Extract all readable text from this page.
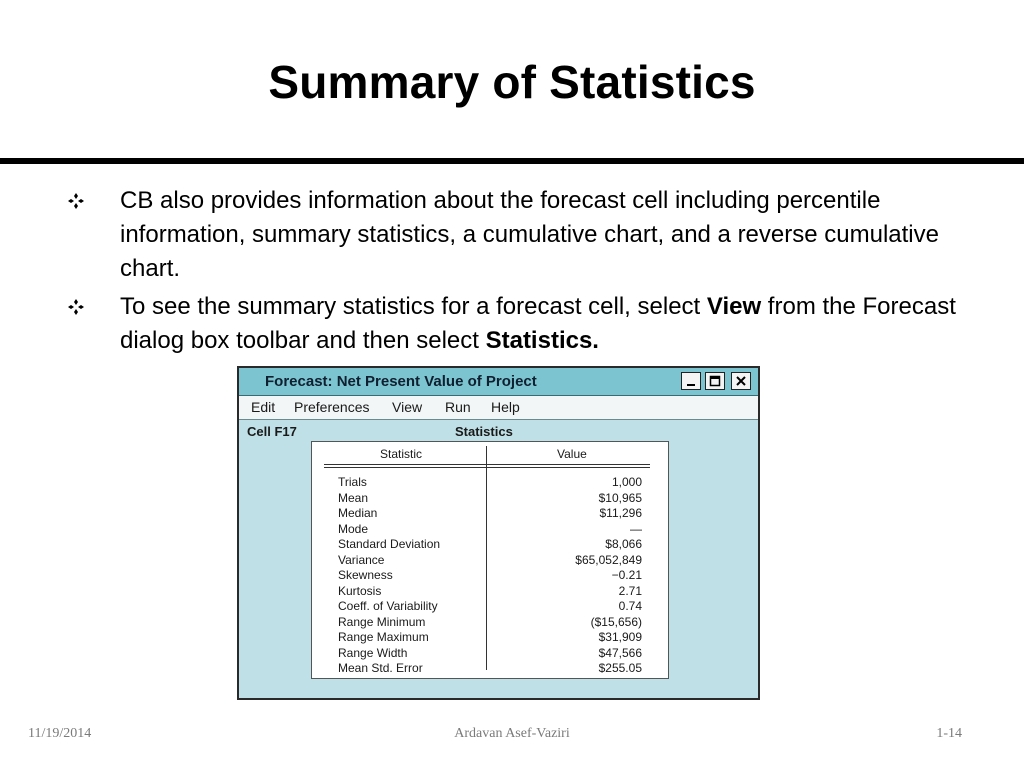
Summary of Statistics
CB also provides information about the forecast cell including percentile information, summary statistics, a cumulative chart, and a reverse cumulative chart.
To see the summary statistics for a forecast cell, select View from the Forecast dialog box toolbar and then select Statistics.
Forecast: Net Present Value of Project
Edit Preferences View Run Help
Cell F17	Statistics
Statistic	Value
Trials	1,000
Mean	$10,965
Median	$11,296
Mode	—
Standard Deviation	$8,066
Variance	$65,052,849
Skewness	−0.21
Kurtosis	2.71
Coeff. of Variability	0.74
Range Minimum	($15,656)
Range Maximum	$31,909
Range Width	$47,566
Mean Std. Error	$255.05
11/19/2014	Ardavan Asef-Vaziri	1-14
